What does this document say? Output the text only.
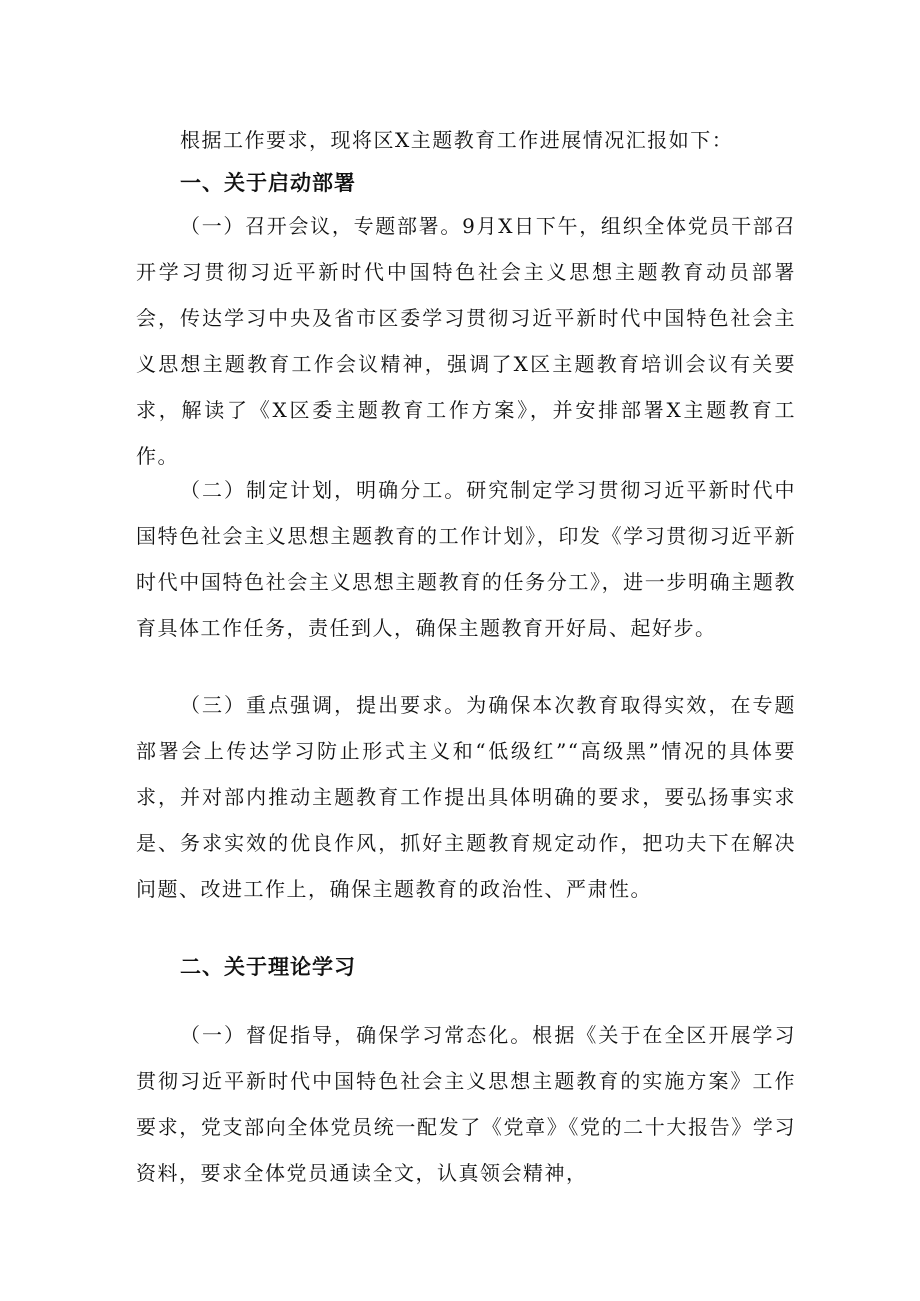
根据工作要求，现将区X主题教育工作进展情况汇报如下：

一、关于启动部署

（一）召开会议，专题部署。9月X日下午，组织全体党员干部召开学习贯彻习近平新时代中国特色社会主义思想主题教育动员部署会，传达学习中央及省市区委学习贯彻习近平新时代中国特色社会主义思想主题教育工作会议精神，强调了X区主题教育培训会议有关要求，解读了《X区委主题教育工作方案》，并安排部署X主题教育工作。

（二）制定计划，明确分工。研究制定学习贯彻习近平新时代中国特色社会主义思想主题教育的工作计划》，印发《学习贯彻习近平新时代中国特色社会主义思想主题教育的任务分工》，进一步明确主题教育具体工作任务，责任到人，确保主题教育开好局、起好步。

（三）重点强调，提出要求。为确保本次教育取得实效，在专题部署会上传达学习防止形式主义和“低级红”“高级黑”情况的具体要求，并对部内推动主题教育工作提出具体明确的要求，要弘扬事实求是、务求实效的优良作风，抓好主题教育规定动作，把功夫下在解决问题、改进工作上，确保主题教育的政治性、严肃性。

二、关于理论学习

（一）督促指导，确保学习常态化。根据《关于在全区开展学习贯彻习近平新时代中国特色社会主义思想主题教育的实施方案》工作要求，党支部向全体党员统一配发了《党章》《党的二十大报告》学习资料，要求全体党员通读全文，认真领会精神，
